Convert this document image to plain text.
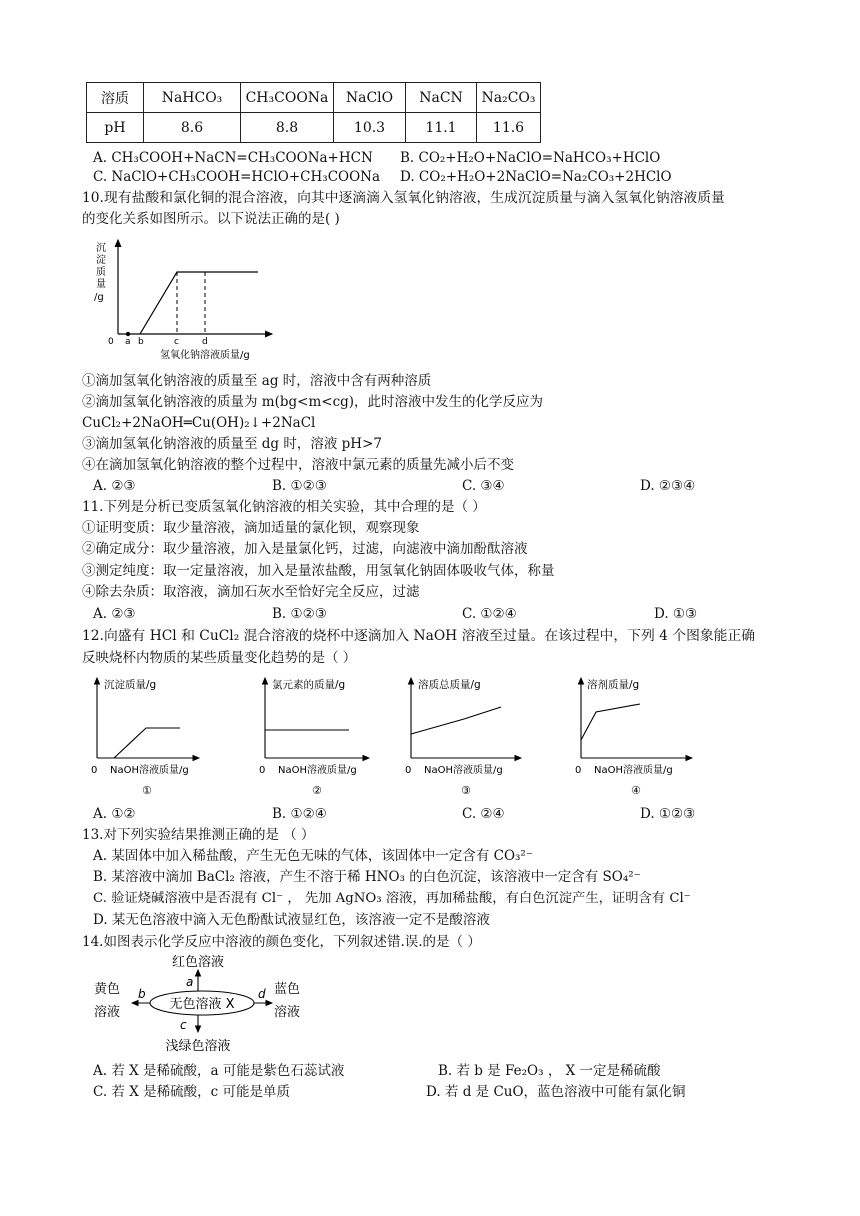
溶质	NaHCO₃	CH₃COONa	NaClO	NaCN	Na₂CO₃
pH	8.6	8.8	10.3	11.1	11.6
A. CH₃COOH+NaCN=CH₃COONa+HCN B. CO₂+H₂O+NaClO=NaHCO₃+HClO
C. NaClO+CH₃COOH=HClO+CH₃COONa D. CO₂+H₂O+2NaClO=Na₂CO₃+2HClO
10.现有盐酸和氯化铜的混合溶液，向其中逐滴滴入氢氧化钠溶液，生成沉淀质量与滴入氢氧化钠溶液质量
的变化关系如图所示。以下说法正确的是( )
沉
淀
质
量
/g
0 a b	c	d
氢氧化钠溶液质量/g
①滴加氢氧化钠溶液的质量至 ag 时，溶液中含有两种溶质
②滴加氢氧化钠溶液的质量为 m(bg<m<cg)，此时溶液中发生的化学反应为
CuCl₂+2NaOH═Cu(OH)₂↓+2NaCl
③滴加氢氧化钠溶液的质量至 dg 时，溶液 pH>7
④在滴加氢氧化钠溶液的整个过程中，溶液中氯元素的质量先减小后不变
A. ②③	B. ①②③	C. ③④	D. ②③④
11.下列是分析已变质氢氧化钠溶液的相关实验，其中合理的是（ ）
①证明变质：取少量溶液，滴加适量的氯化钡，观察现象
②确定成分：取少量溶液，加入是量氯化钙，过滤，向滤液中滴加酚酞溶液
③测定纯度：取一定量溶液，加入是量浓盐酸，用氢氧化钠固体吸收气体，称量
④除去杂质：取溶液，滴加石灰水至恰好完全反应，过滤
A. ②③	B. ①②③	C. ①②④	D. ①③
12.向盛有 HCl 和 CuCl₂ 混合溶液的烧杯中逐滴加入 NaOH 溶液至过量。在该过程中，下列 4 个图象能正确
反映烧杯内物质的某些质量变化趋势的是（ ）
沉淀质量/g
0 NaOH溶液质量/g
①
氯元素的质量/g
0 NaOH溶液质量/g
②
溶质总质量/g
0 NaOH溶液质量/g
③
溶剂质量/g
0 NaOH溶液质量/g
④
A. ①②	B. ①②④	C. ②④	D. ①②③
13.对下列实验结果推测正确的是 （ ）
A. 某固体中加入稀盐酸，产生无色无味的气体，该固体中一定含有 CO₃²⁻
B. 某溶液中滴加 BaCl₂ 溶液，产生不溶于稀 HNO₃ 的白色沉淀，该溶液中一定含有 SO₄²⁻
C. 验证烧碱溶液中是否混有 Cl⁻ ， 先加 AgNO₃ 溶液，再加稀盐酸，有白色沉淀产生，证明含有 Cl⁻
D. 某无色溶液中滴入无色酚酞试液显红色，该溶液一定不是酸溶液
14.如图表示化学反应中溶液的颜色变化，下列叙述错.误.的是（ ）
无色溶液 X
红色溶液
a
b
黄色
溶液
d 蓝色
溶液
c
浅绿色溶液
A. 若 X 是稀硫酸，a 可能是紫色石蕊试液	B. 若 b 是 Fe₂O₃ ， X 一定是稀硫酸
C. 若 X 是稀硫酸，c 可能是单质	D. 若 d 是 CuO，蓝色溶液中可能有氯化铜
